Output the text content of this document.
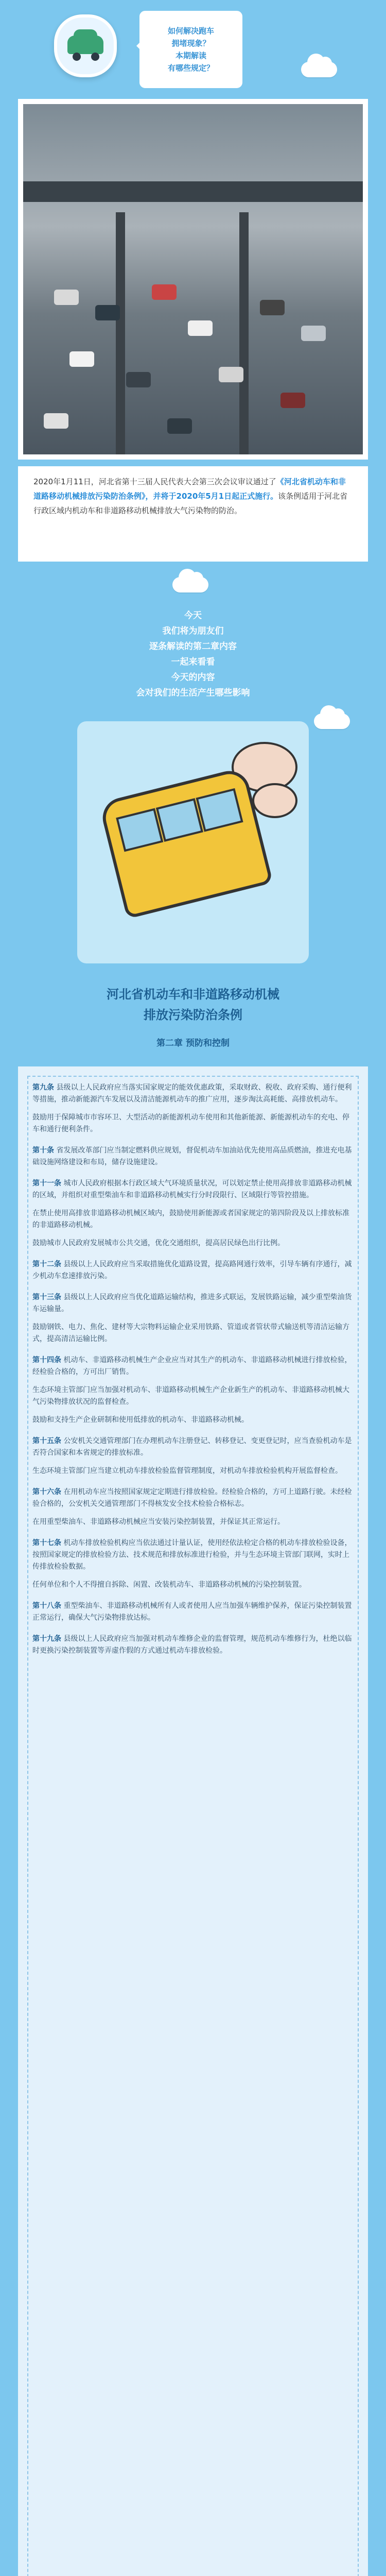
如何解决跑车
拥堵现象？
本期解读
有哪些规定？
2020年1月11日，河北省第十三届人民代表大会第三次会议审议通过了《河北省机动车和非道路移动机械排放污染防治条例》，并将于2020年5月1日起正式施行。该条例适用于河北省行政区域内机动车和非道路移动机械排放大气污染物的防治。
今天
我们将为朋友们
逐条解读的第二章内容
一起来看看
今天的内容
会对我们的生活产生哪些影响
河北省机动车和非道路移动机械
排放污染防治条例
第二章 预防和控制
第九条 县级以上人民政府应当落实国家规定的能效优惠政策，采取财政、税收、政府采购、通行便利等措施，推动新能源汽车发展以及清洁能源机动车的推广应用，逐步淘汰高耗能、高排放机动车。
鼓励用于保障城市市容环卫、大型活动的新能源机动车使用和其他新能源、新能源机动车的充电、停车和通行便利条件。
第十条 省发展改革部门应当制定燃料供应规划，督促机动车加油站优先使用高品质燃油，推进充电基础设施网络建设和布局，储存设施建设。
第十一条 城市人民政府根据本行政区域大气环境质量状况，可以划定禁止使用高排放非道路移动机械的区域，并组织对重型柴油车和非道路移动机械实行分时段限行、区域限行等管控措施。
在禁止使用高排放非道路移动机械区域内，鼓励使用新能源或者国家规定的第四阶段及以上排放标准的非道路移动机械。
鼓励城市人民政府发展城市公共交通，优化交通组织，提高居民绿色出行比例。
第十二条 县级以上人民政府应当采取措施优化道路设置，提高路网通行效率，引导车辆有序通行，减少机动车怠速排放污染。
第十三条 县级以上人民政府应当优化道路运输结构，推进多式联运，发展铁路运输，减少重型柴油货车运输量。
鼓励钢铁、电力、焦化、建材等大宗物料运输企业采用铁路、管道或者管状带式输送机等清洁运输方式，提高清洁运输比例。
第十四条 机动车、非道路移动机械生产企业应当对其生产的机动车、非道路移动机械进行排放检验，经检验合格的，方可出厂销售。
生态环境主管部门应当加强对机动车、非道路移动机械生产企业新生产的机动车、非道路移动机械大气污染物排放状况的监督检查。
鼓励和支持生产企业研制和使用低排放的机动车、非道路移动机械。
第十五条 公安机关交通管理部门在办理机动车注册登记、转移登记、变更登记时，应当查验机动车是否符合国家和本省规定的排放标准。
生态环境主管部门应当建立机动车排放检验监督管理制度，对机动车排放检验机构开展监督检查。
第十六条 在用机动车应当按照国家规定定期进行排放检验。经检验合格的，方可上道路行驶。未经检验合格的，公安机关交通管理部门不得核发安全技术检验合格标志。
在用重型柴油车、非道路移动机械应当安装污染控制装置，并保证其正常运行。
第十七条 机动车排放检验机构应当依法通过计量认证，使用经依法检定合格的机动车排放检验设备，按照国家规定的排放检验方法、技术规范和排放标准进行检验，并与生态环境主管部门联网，实时上传排放检验数据。
任何单位和个人不得擅自拆除、闲置、改装机动车、非道路移动机械的污染控制装置。
第十八条 重型柴油车、非道路移动机械所有人或者使用人应当加强车辆维护保养，保证污染控制装置正常运行，确保大气污染物排放达标。
第十九条 县级以上人民政府应当加强对机动车维修企业的监督管理，规范机动车维修行为，杜绝以临时更换污染控制装置等弄虚作假的方式通过机动车排放检验。
